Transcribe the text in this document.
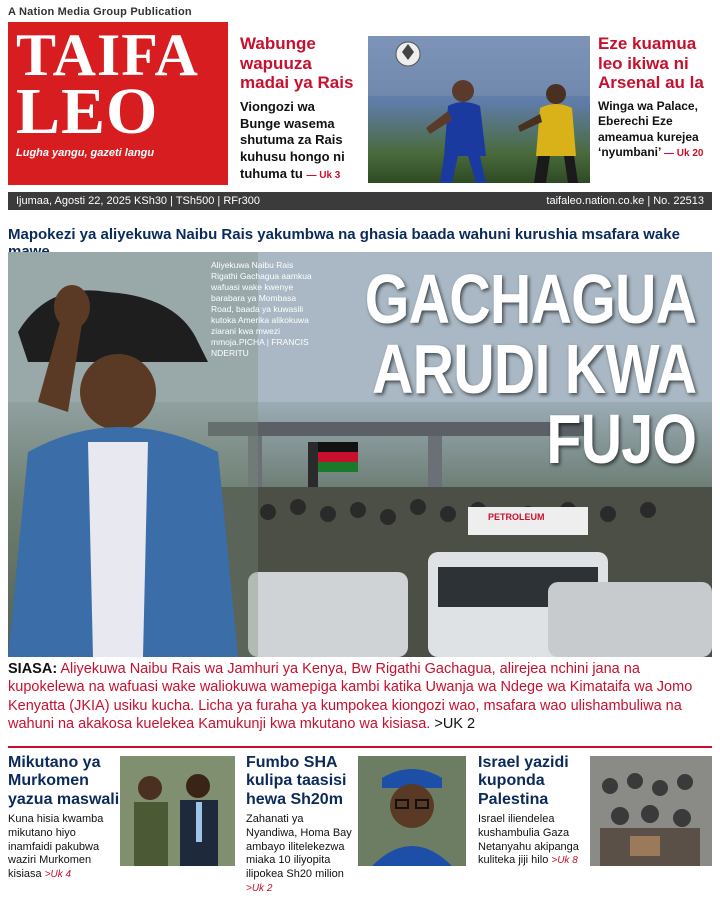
A Nation Media Group Publication
TAIFA
LEO
Lugha yangu, gazeti langu
Wabunge wapuuza madai ya Rais
Viongozi wa Bunge wasema shutuma za Rais kuhusu hongo ni tuhuma tu — Uk 3
Eze kuamua leo ikiwa ni Arsenal au la
Winga wa Palace, Eberechi Eze ameamua kurejea ‘nyumbani’ — Uk 20
Ijumaa, Agosti 22, 2025 KSh30 | TSh500 | RFr300	taifaleo.nation.co.ke | No. 22513
Mapokezi ya aliyekuwa Naibu Rais yakumbwa na ghasia baada wahuni kurushia msafara wake
Aliyekuwa Naibu Rais Rigathi Gachagua aamkua wafuasi wake kwenye barabara ya Mombasa Road, baada ya kuwasili kutoka Amerika alikokuwa ziarani kwa mwezi mmoja.PICHA | FRANCIS NDERITU
PETROLEUM
GACHAGUA
ARUDI KWA
FUJO
SIASA: Aliyekuwa Naibu Rais wa Jamhuri ya Kenya, Bw Rigathi Gachagua, alirejea nchini jana na kupokelewa na wafuasi wake waliokuwa wamepiga kambi katika Uwanja wa Ndege wa Kimataifa wa Jomo Kenyatta (JKIA) usiku kucha. Licha ya furaha ya kumpokea kiongozi wao, msafara wao ulishambuliwa na wahuni na akakosa kuelekea Kamukunji kwa mkutano wa kisiasa. >UK 2
Mikutano ya Murkomen yazua maswali
Kuna hisia kwamba mikutano hiyo inamfaidi pakubwa waziri Murkomen kisiasa >Uk 4
Fumbo SHA kulipa taasisi hewa Sh20m
Zahanati ya Nyandiwa, Homa Bay ambayo ilitelekezwa miaka 10 iliyopita ilipokea Sh20 milion >Uk 2
Israel yazidi kuponda Palestina
Israel iliendelea kushambulia Gaza Netanyahu akipanga kuliteka jiji hilo >Uk 8
